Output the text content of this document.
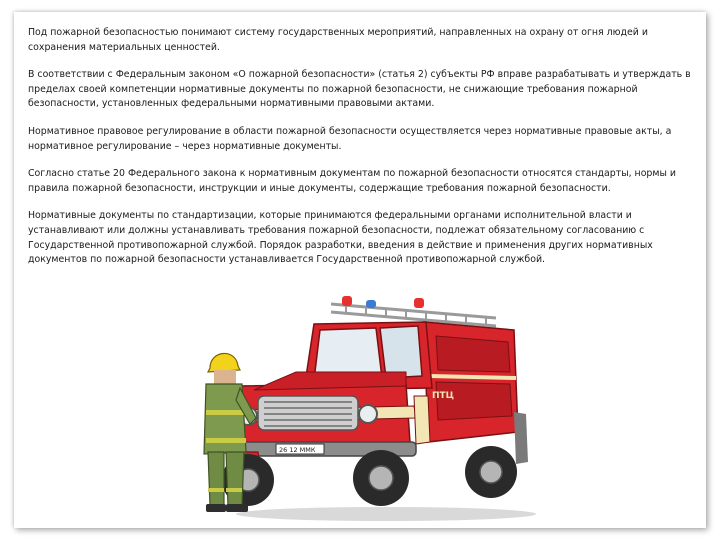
Под пожарной безопасностью понимают систему государственных мероприятий, направленных на охрану от огня людей и сохранения материальных ценностей.

В соответствии с Федеральным законом «О пожарной безопасности» (статья 2) субъекты РФ вправе разрабатывать и утверждать в пределах своей компетенции нормативные документы по пожарной безопасности, не снижающие требования пожарной безопасности, установленных федеральными нормативными правовыми актами.

Нормативное правовое регулирование в области пожарной безопасности осуществляется через нормативные правовые акты, а нормативное регулирование – через нормативные документы.

Согласно статье 20 Федерального закона к нормативным документам по пожарной безопасности относятся стандарты, нормы и правила пожарной безопасности, инструкции и иные документы, содержащие требования пожарной безопасности.

Нормативные документы по стандартизации, которые принимаются федеральными органами исполнительной власти и устанавливают или должны устанавливать требования пожарной безопасности, подлежат обязательному согласованию с Государственной противопожарной службой. Порядок разработки, введения в действие и применения других нормативных документов по пожарной безопасности устанавливается Государственной противопожарной службой.

ПТЦ
26 12 ММК
